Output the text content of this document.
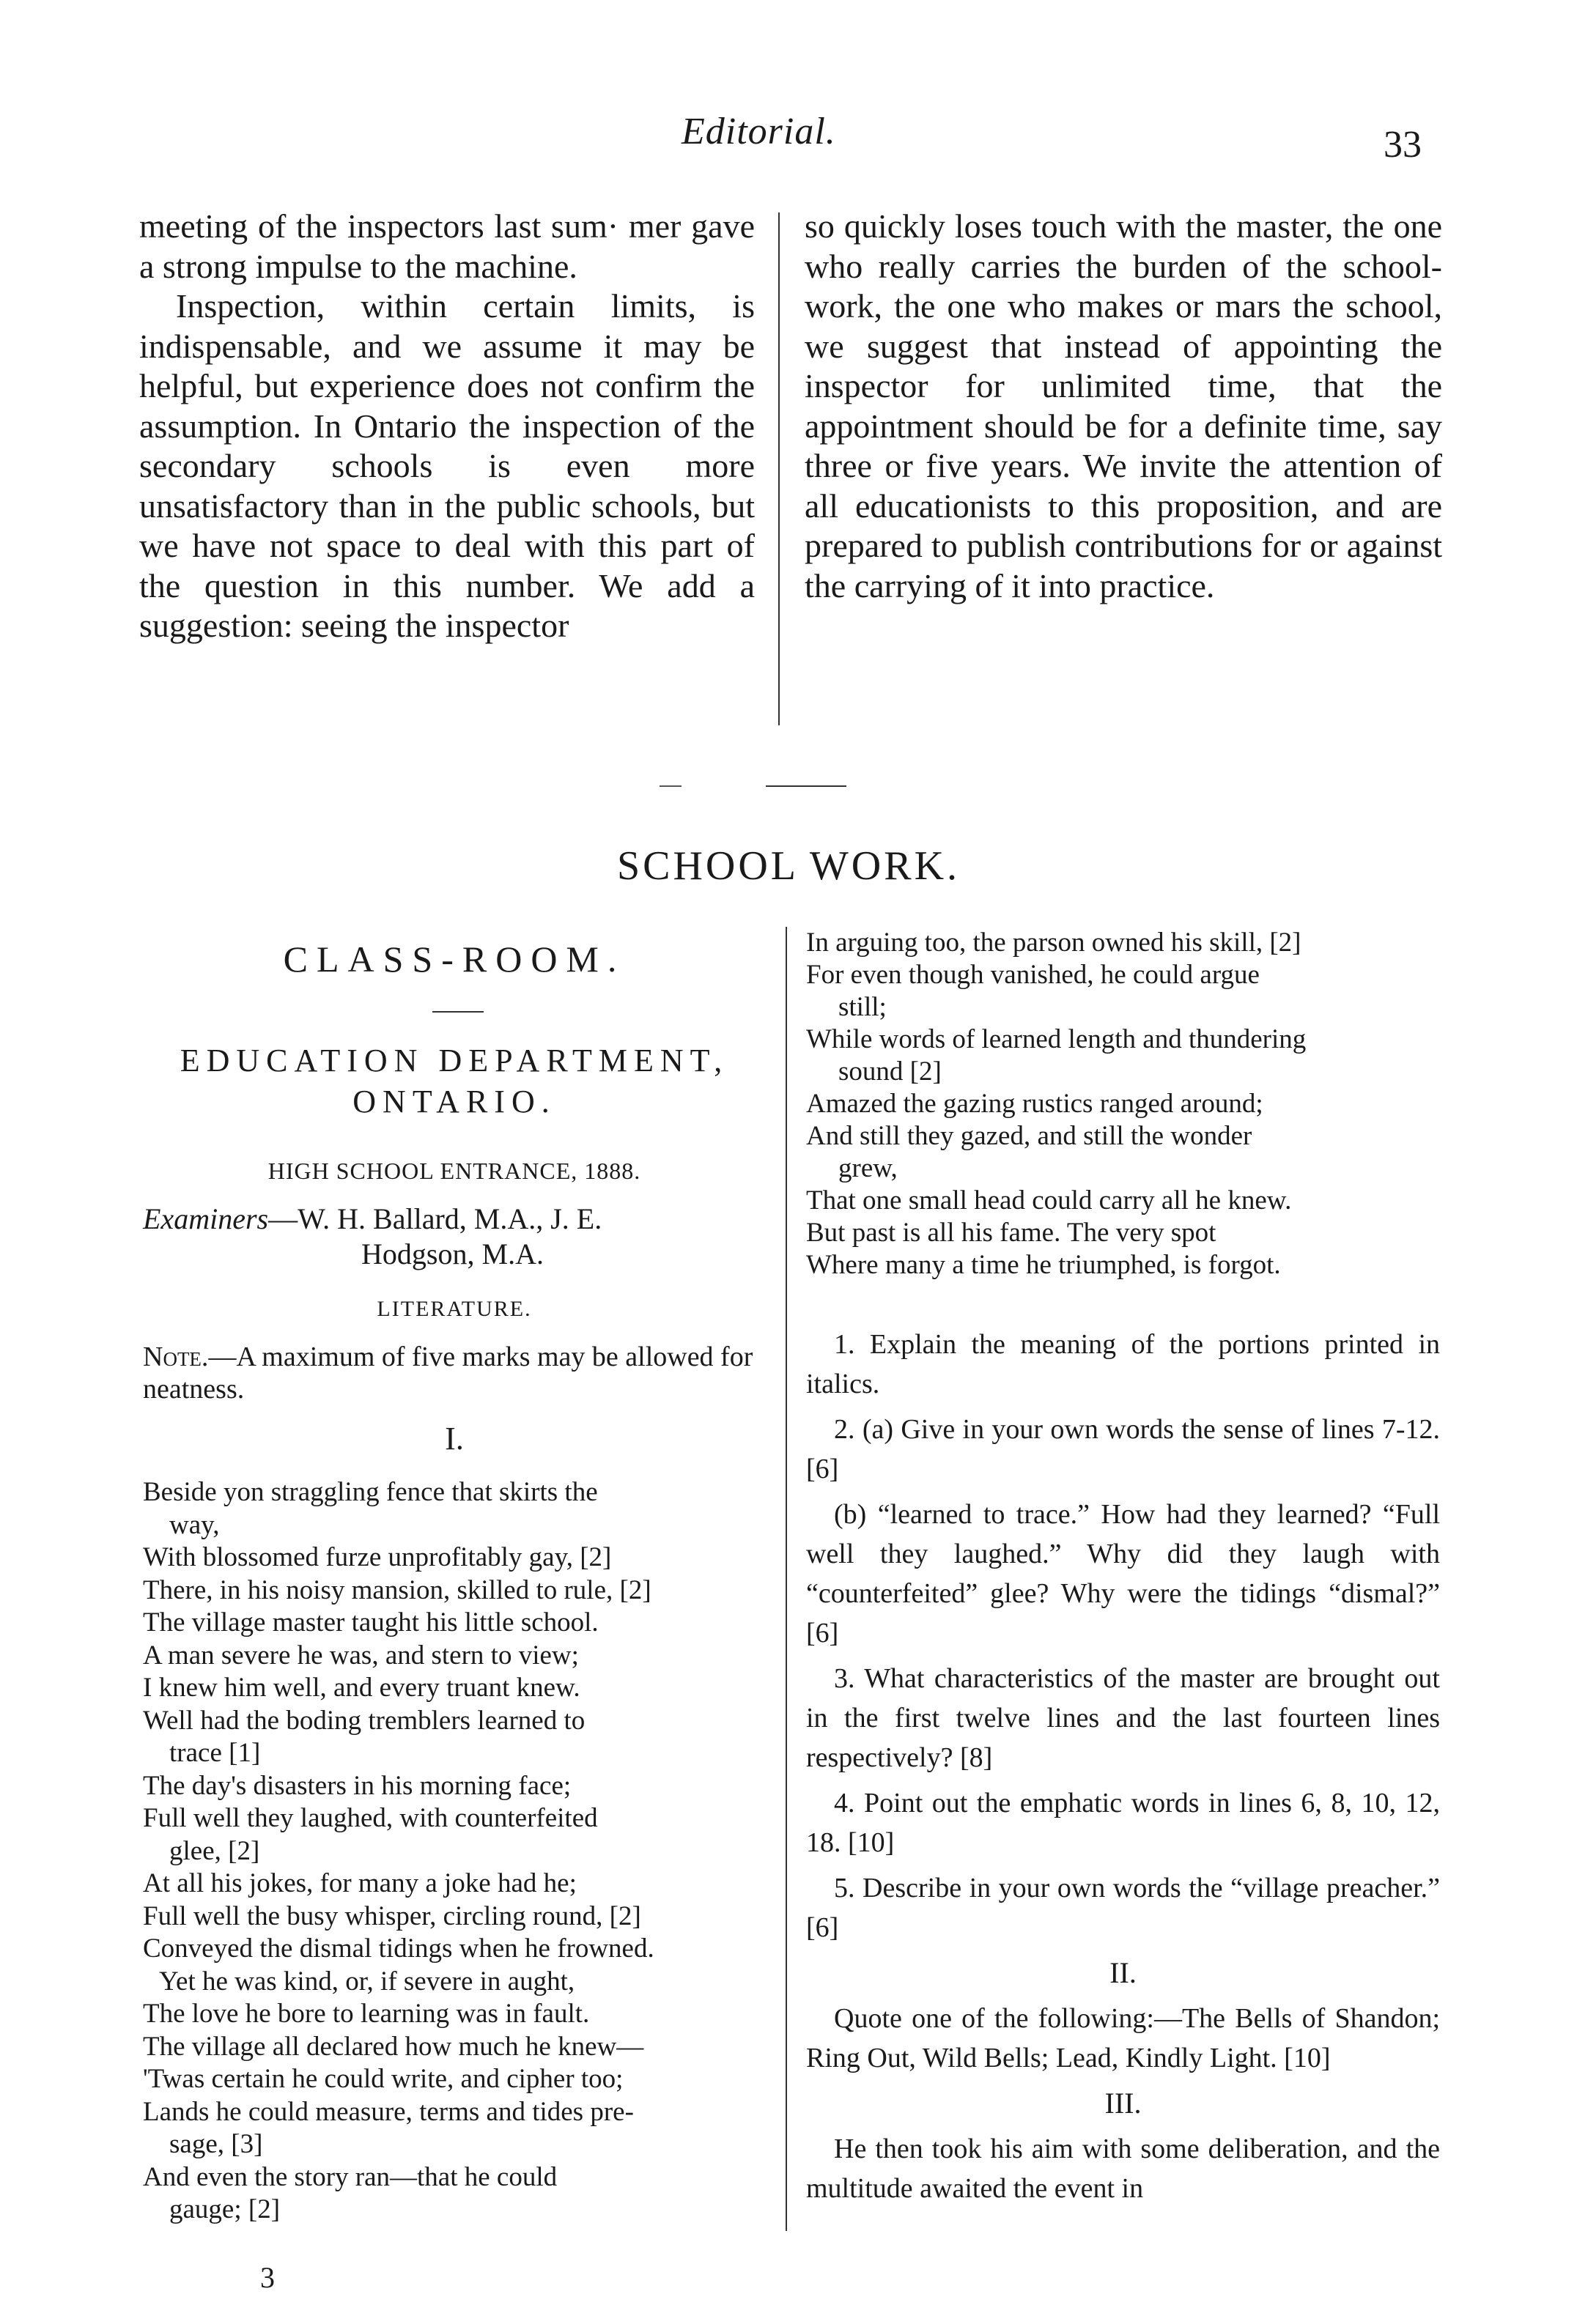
Editorial.	33

meeting of the inspectors last sum· mer gave a strong impulse to the machine.

Inspection, within certain limits, is indispensable, and we assume it may be helpful, but experience does not confirm the assumption. In Ontario the inspection of the secondary schools is even more unsatisfactory than in the public schools, but we have not space to deal with this part of the question in this number. We add a suggestion: seeing the inspector

so quickly loses touch with the master, the one who really carries the burden of the school-work, the one who makes or mars the school, we suggest that instead of appointing the inspector for unlimited time, that the appointment should be for a definite time, say three or five years. We invite the attention of all educationists to this proposition, and are prepared to publish contributions for or against the carrying of it into practice.

SCHOOL WORK.
CLASS-ROOM.
EDUCATION DEPARTMENT, ONTARIO.
HIGH SCHOOL ENTRANCE, 1888.
Examiners—W. H. Ballard, M.A., J. E.
Hodgson, M.A.
LITERATURE.
Note.—A maximum of five marks may be allowed for neatness.
I.
Beside yon straggling fence that skirts the
way,
With blossomed furze unprofitably gay, [2]
There, in his noisy mansion, skilled to rule, [2]
The village master taught his little school.
A man severe he was, and stern to view;
I knew him well, and every truant knew.
Well had the boding tremblers learned to
trace [1]
The day's disasters in his morning face;
Full well they laughed, with counterfeited
glee, [2]
At all his jokes, for many a joke had he;
Full well the busy whisper, circling round, [2]
Conveyed the dismal tidings when he frowned.
Yet he was kind, or, if severe in aught,
The love he bore to learning was in fault.
The village all declared how much he knew—
'Twas certain he could write, and cipher too;
Lands he could measure, terms and tides pre-
sage, [3]
And even the story ran—that he could
gauge; [2]
3
In arguing too, the parson owned his skill, [2]
For even though vanished, he could argue
still;
While words of learned length and thundering
sound [2]
Amazed the gazing rustics ranged around;
And still they gazed, and still the wonder
grew,
That one small head could carry all he knew.
But past is all his fame. The very spot
Where many a time he triumphed, is forgot.

1. Explain the meaning of the portions printed in italics.

2. (a) Give in your own words the sense of lines 7-12. [6]

(b) “learned to trace.” How had they learned? “Full well they laughed.” Why did they laugh with “counterfeited” glee? Why were the tidings “dismal?” [6]

3. What characteristics of the master are brought out in the first twelve lines and the last fourteen lines respectively? [8]

4. Point out the emphatic words in lines 6, 8, 10, 12, 18. [10]

5. Describe in your own words the “village preacher.” [6]

II.

Quote one of the following:—The Bells of Shandon; Ring Out, Wild Bells; Lead, Kindly Light. [10]

III.

He then took his aim with some deliberation, and the multitude awaited the event in
